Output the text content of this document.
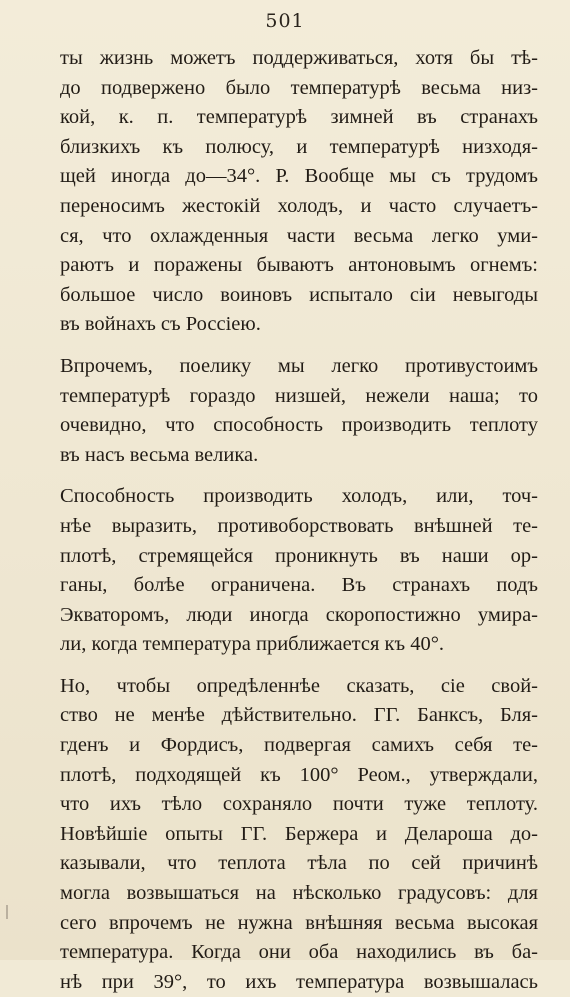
501
ты жизнь можетъ поддерживаться, хотя бы тѣ-
до подвержено было температурѣ весьма низ-
кой, к. п. температурѣ зимней въ странахъ
близкихъ къ полюсу, и температурѣ низходя-
щей иногда до—34°. Р. Вообще мы съ трудомъ
переносимъ жестокій холодъ, и часто случаетъ-
ся, что охлажденныя части весьма легко уми-
раютъ и поражены бываютъ антоновымъ огнемъ:
большое число воиновъ испытало сіи невыгоды
въ войнахъ съ Россіею.
Впрочемъ, поелику мы легко противустоимъ
температурѣ гораздо низшей, нежели наша; то
очевидно, что способность производить теплоту
въ насъ весьма велика.
Способность производить холодъ, или, точ-
нѣе выразить, противоборствовать внѣшней те-
плотѣ, стремящейся проникнуть въ наши ор-
ганы, болѣе ограничена. Въ странахъ подъ
Экваторомъ, люди иногда скоропостижно умира-
ли, когда температура приближается къ 40°.
Но, чтобы опредѣленнѣе сказать, сіе свой-
ство не менѣе дѣйствительно. ГГ. Банксъ, Бля-
гденъ и Фордисъ, подвергая самихъ себя те-
плотѣ, подходящей къ 100° Реом., утверждали,
что ихъ тѣло сохраняло почти туже теплоту.
Новѣйшіе опыты ГГ. Бержера и Делароша до-
казывали, что теплота тѣла по сей причинѣ
могла возвышаться на нѣсколько градусовъ: для
сего впрочемъ не нужна внѣшняя весьма высокая
температура. Когда они оба находились въ ба-
нѣ при 39°, то ихъ температура возвышалась
